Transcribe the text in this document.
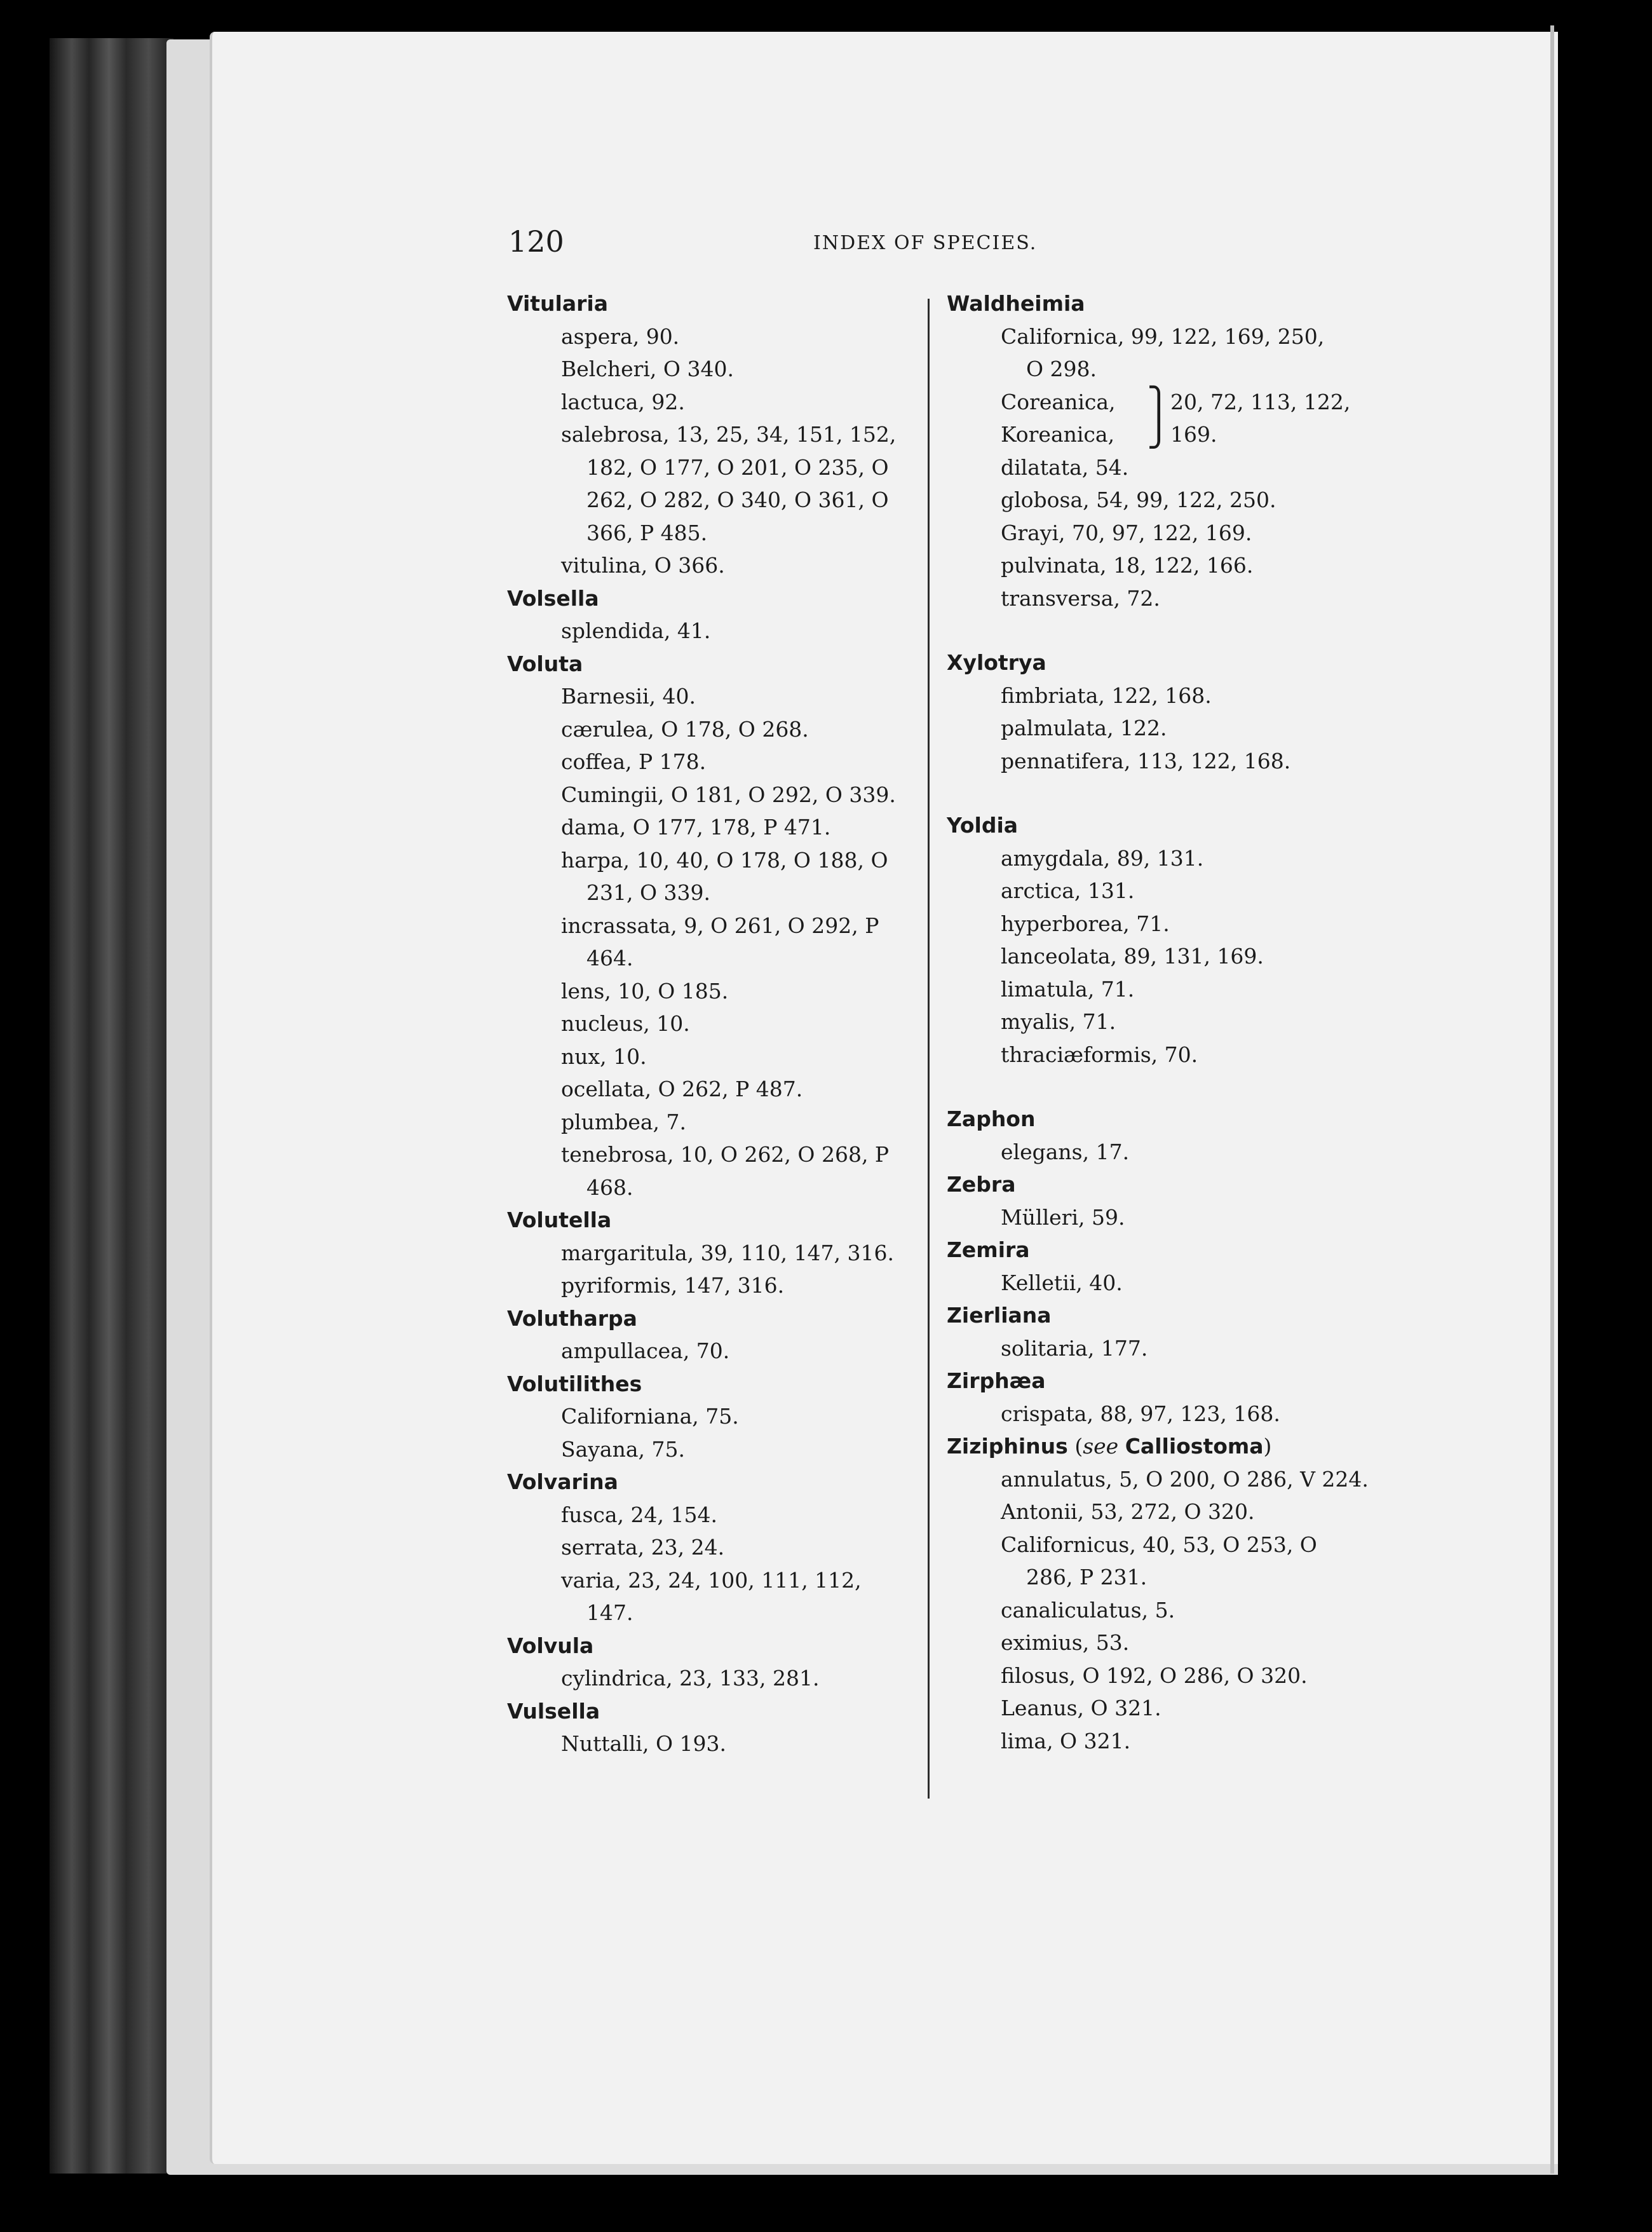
120	INDEX OF SPECIES.
Vitularia
aspera, 90.
Belcheri, O 340.
lactuca, 92.
salebrosa, 13, 25, 34, 151, 152,
182, O 177, O 201, O 235, O
262, O 282, O 340, O 361, O
366, P 485.
vitulina, O 366.
Volsella
splendida, 41.
Voluta
Barnesii, 40.
cærulea, O 178, O 268.
coffea, P 178.
Cumingii, O 181, O 292, O 339.
dama, O 177, 178, P 471.
harpa, 10, 40, O 178, O 188, O
231, O 339.
incrassata, 9, O 261, O 292, P
464.
lens, 10, O 185.
nucleus, 10.
nux, 10.
ocellata, O 262, P 487.
plumbea, 7.
tenebrosa, 10, O 262, O 268, P
468.
Volutella
margaritula, 39, 110, 147, 316.
pyriformis, 147, 316.
Volutharpa
ampullacea, 70.
Volutilithes
Californiana, 75.
Sayana, 75.
Volvarina
fusca, 24, 154.
serrata, 23, 24.
varia, 23, 24, 100, 111, 112,
147.
Volvula
cylindrica, 23, 133, 281.
Vulsella
Nuttalli, O 193.
Waldheimia
Californica, 99, 122, 169, 250,
O 298.
Coreanica, ⎫ 20, 72, 113, 122,
Koreanica, ⎭ 169.
dilatata, 54.
globosa, 54, 99, 122, 250.
Grayi, 70, 97, 122, 169.
pulvinata, 18, 122, 166.
transversa, 72.
Xylotrya
fimbriata, 122, 168.
palmulata, 122.
pennatifera, 113, 122, 168.
Yoldia
amygdala, 89, 131.
arctica, 131.
hyperborea, 71.
lanceolata, 89, 131, 169.
limatula, 71.
myalis, 71.
thraciæformis, 70.
Zaphon
elegans, 17.
Zebra
Mülleri, 59.
Zemira
Kelletii, 40.
Zierliana
solitaria, 177.
Zirphæa
crispata, 88, 97, 123, 168.
Ziziphinus (see Calliostoma)
annulatus, 5, O 200, O 286, V 224.
Antonii, 53, 272, O 320.
Californicus, 40, 53, O 253, O
286, P 231.
canaliculatus, 5.
eximius, 53.
filosus, O 192, O 286, O 320.
Leanus, O 321.
lima, O 321.
